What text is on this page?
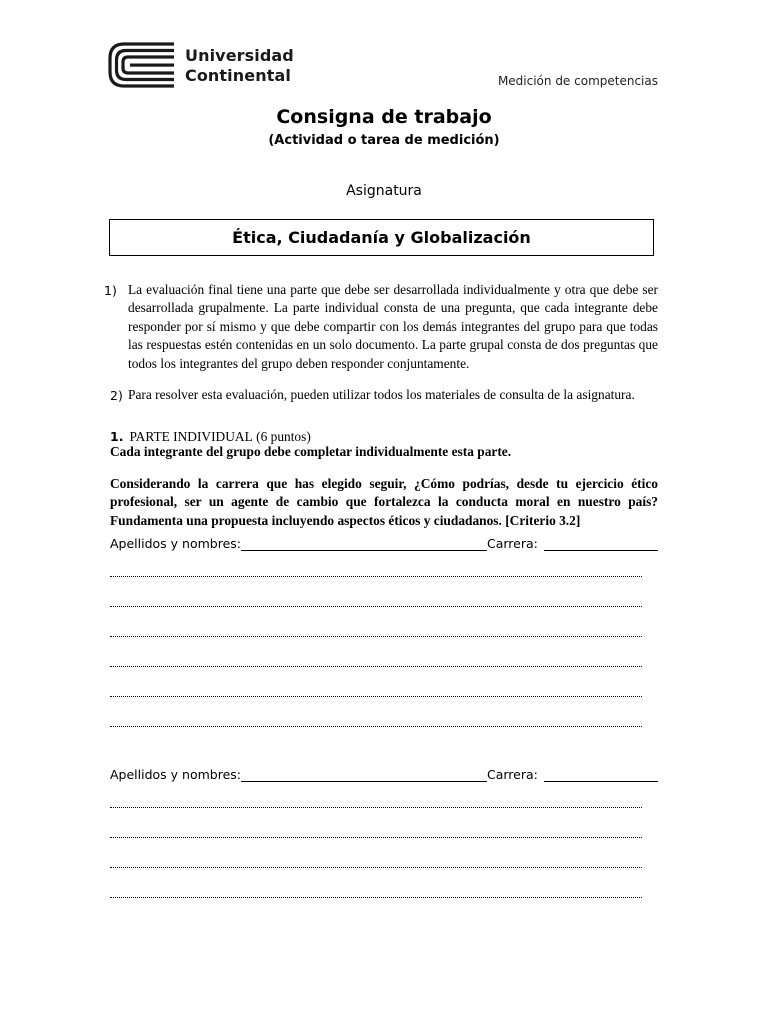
Universidad
Continental	Medición de competencias
Consigna de trabajo
(Actividad o tarea de medición)
Asignatura
Ética, Ciudadanía y Globalización
1) La evaluación final tiene una parte que debe ser desarrollada individualmente y otra que debe ser desarrollada grupalmente. La parte individual consta de una pregunta, que cada integrante debe responder por sí mismo y que debe compartir con los demás integrantes del grupo para que todas las respuestas estén contenidas en un solo documento. La parte grupal consta de dos preguntas que todos los integrantes del grupo deben responder conjuntamente.
2) Para resolver esta evaluación, pueden utilizar todos los materiales de consulta de la asignatura.
1. PARTE INDIVIDUAL (6 puntos)
Cada integrante del grupo debe completar individualmente esta parte.
Considerando la carrera que has elegido seguir, ¿Cómo podrías, desde tu ejercicio ético profesional, ser un agente de cambio que fortalezca la conducta moral en nuestro país? Fundamenta una propuesta incluyendo aspectos éticos y ciudadanos. [Criterio 3.2]
Apellidos y nombres:	Carrera:
Apellidos y nombres:	Carrera:
